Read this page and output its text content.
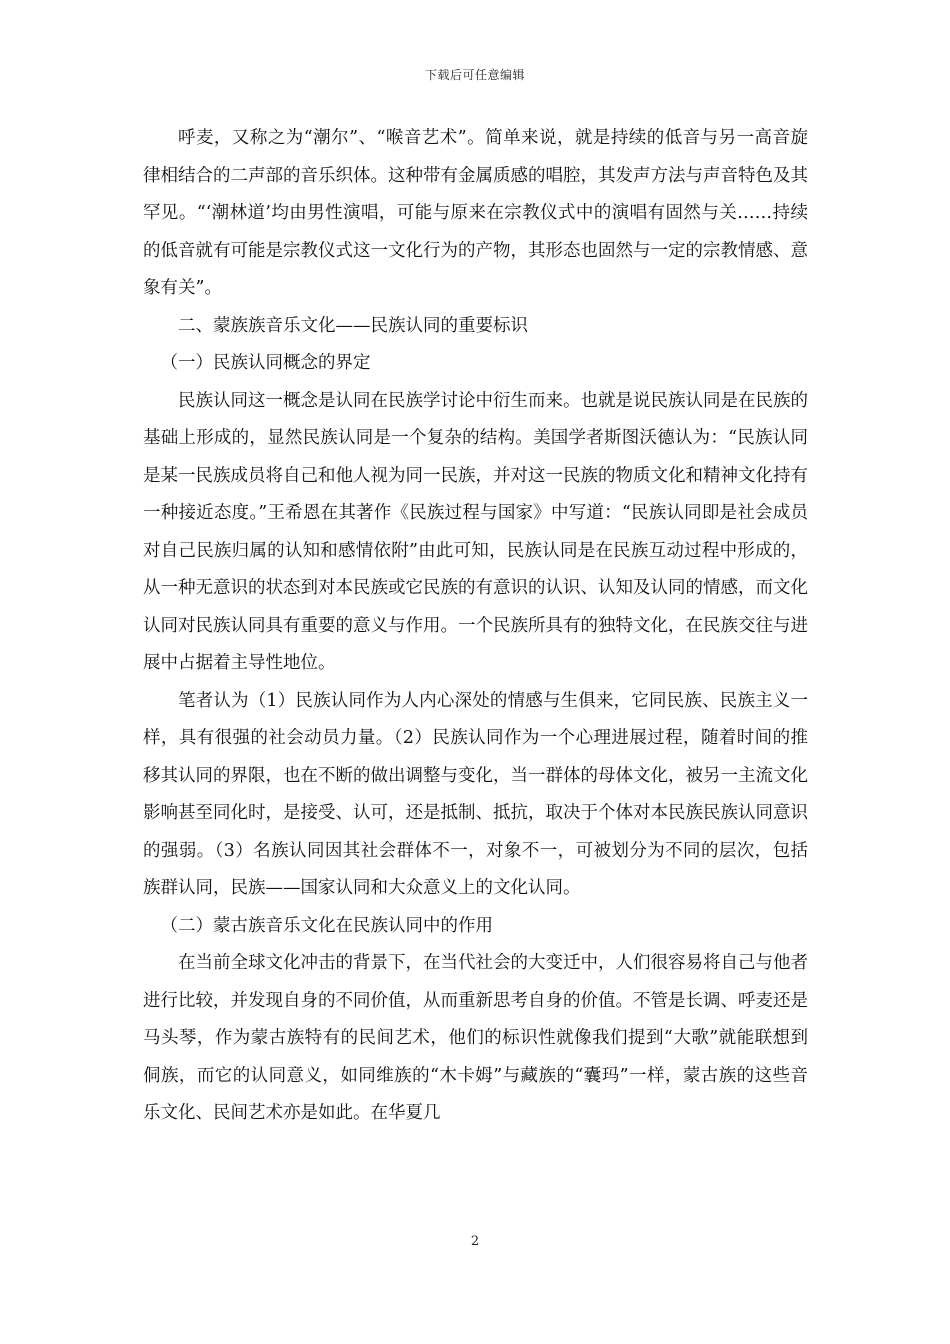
下载后可任意编辑

呼麦，又称之为“潮尔”、“喉音艺术”。简单来说，就是持续的低音与另一高音旋律相结合的二声部的音乐织体。这种带有金属质感的唱腔，其发声方法与声音特色及其罕见。“‘潮林道’均由男性演唱，可能与原来在宗教仪式中的演唱有固然与关……持续的低音就有可能是宗教仪式这一文化行为的产物，其形态也固然与一定的宗教情感、意象有关”。

二、蒙族族音乐文化——民族认同的重要标识

（一）民族认同概念的界定

民族认同这一概念是认同在民族学讨论中衍生而来。也就是说民族认同是在民族的基础上形成的，显然民族认同是一个复杂的结构。美国学者斯图沃德认为：“民族认同是某一民族成员将自己和他人视为同一民族，并对这一民族的物质文化和精神文化持有一种接近态度。”王希恩在其著作《民族过程与国家》中写道：“民族认同即是社会成员对自己民族归属的认知和感情依附”由此可知，民族认同是在民族互动过程中形成的，从一种无意识的状态到对本民族或它民族的有意识的认识、认知及认同的情感，而文化认同对民族认同具有重要的意义与作用。一个民族所具有的独特文化，在民族交往与进展中占据着主导性地位。

笔者认为（1）民族认同作为人内心深处的情感与生俱来，它同民族、民族主义一样，具有很强的社会动员力量。（2）民族认同作为一个心理进展过程，随着时间的推移其认同的界限，也在不断的做出调整与变化，当一群体的母体文化，被另一主流文化影响甚至同化时，是接受、认可，还是抵制、抵抗，取决于个体对本民族民族认同意识的强弱。（3）名族认同因其社会群体不一，对象不一，可被划分为不同的层次，包括族群认同，民族——国家认同和大众意义上的文化认同。

（二）蒙古族音乐文化在民族认同中的作用

在当前全球文化冲击的背景下，在当代社会的大变迁中，人们很容易将自己与他者进行比较，并发现自身的不同价值，从而重新思考自身的价值。不管是长调、呼麦还是马头琴，作为蒙古族特有的民间艺术，他们的标识性就像我们提到“大歌”就能联想到侗族，而它的认同意义，如同维族的“木卡姆”与藏族的“囊玛”一样，蒙古族的这些音乐文化、民间艺术亦是如此。在华夏几

2
